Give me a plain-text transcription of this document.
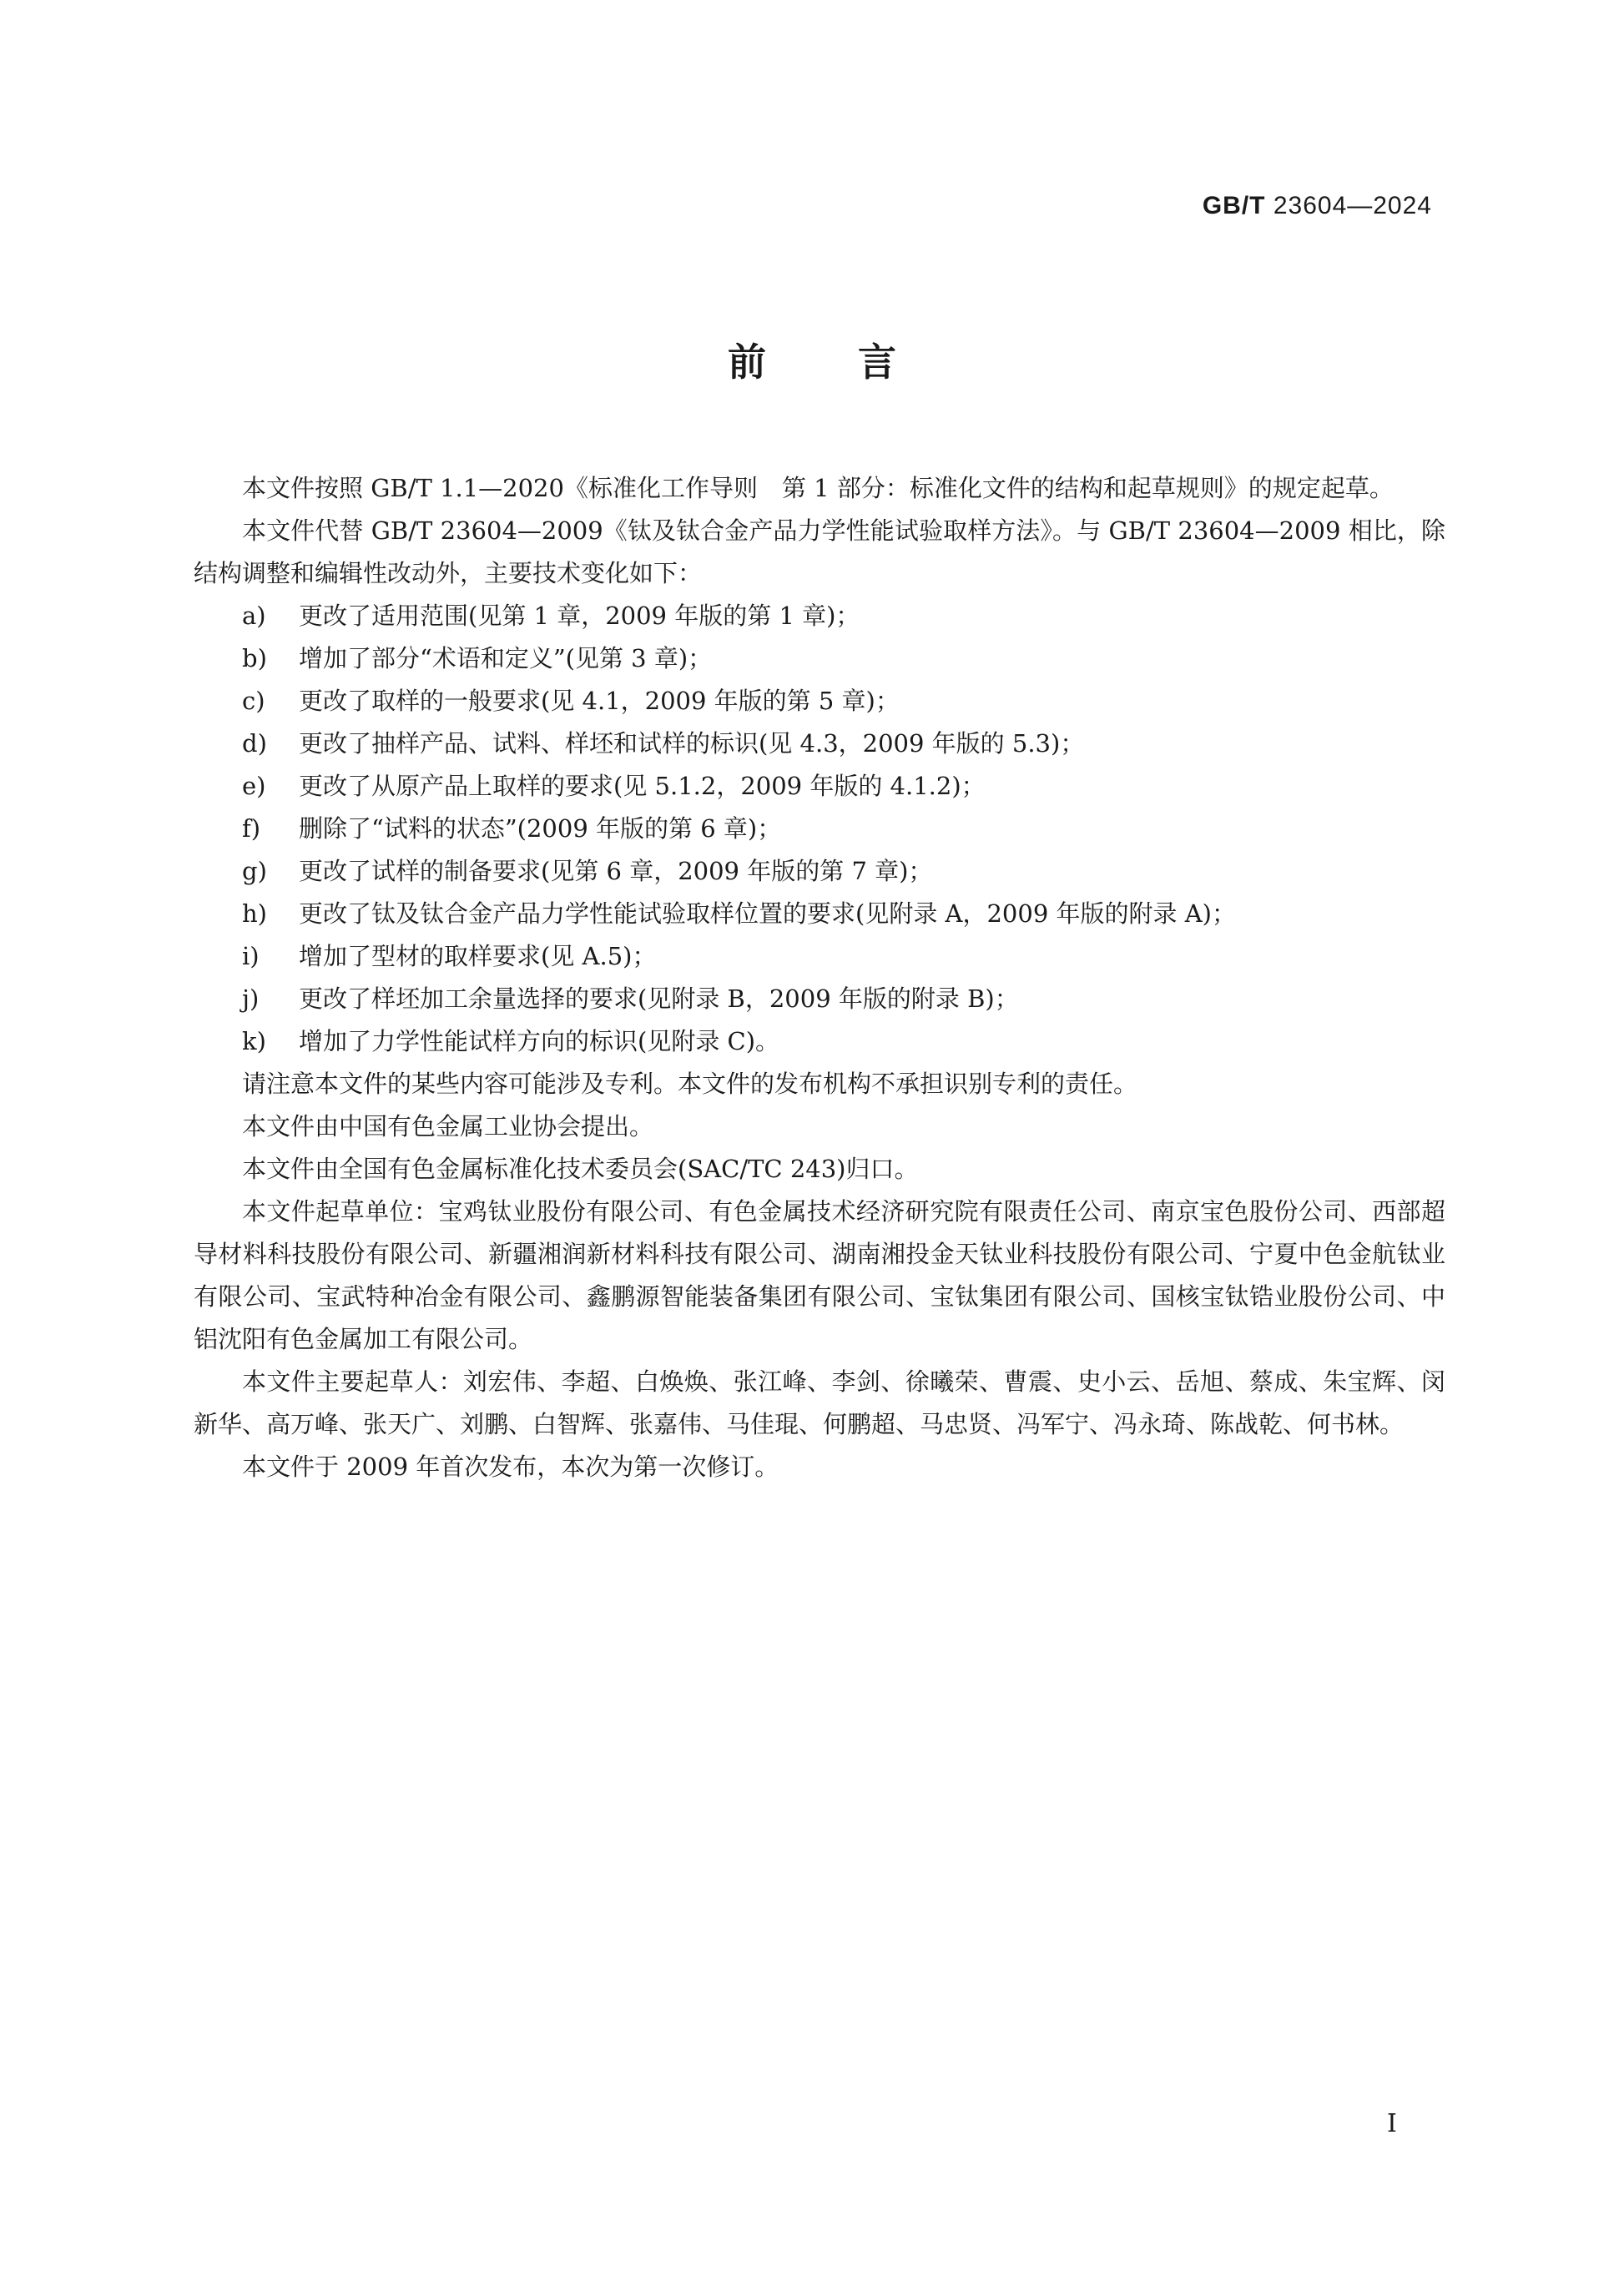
GB/T 23604—2024
前言

本文件按照 GB/T 1.1—2020《标准化工作导则　第 1 部分：标准化文件的结构和起草规则》的规定起草。

本文件代替 GB/T 23604—2009《钛及钛合金产品力学性能试验取样方法》。与 GB/T 23604—2009 相比，除结构调整和编辑性改动外，主要技术变化如下：

a) 更改了适用范围(见第 1 章，2009 年版的第 1 章)；

b) 增加了部分“术语和定义”(见第 3 章)；

c) 更改了取样的一般要求(见 4.1，2009 年版的第 5 章)；

d) 更改了抽样产品、试料、样坯和试样的标识(见 4.3，2009 年版的 5.3)；

e) 更改了从原产品上取样的要求(见 5.1.2，2009 年版的 4.1.2)；

f) 删除了“试料的状态”(2009 年版的第 6 章)；

g) 更改了试样的制备要求(见第 6 章，2009 年版的第 7 章)；

h) 更改了钛及钛合金产品力学性能试验取样位置的要求(见附录 A，2009 年版的附录 A)；

i) 增加了型材的取样要求(见 A.5)；

j) 更改了样坯加工余量选择的要求(见附录 B，2009 年版的附录 B)；

k) 增加了力学性能试样方向的标识(见附录 C)。

请注意本文件的某些内容可能涉及专利。本文件的发布机构不承担识别专利的责任。

本文件由中国有色金属工业协会提出。

本文件由全国有色金属标准化技术委员会(SAC/TC 243)归口。

本文件起草单位：宝鸡钛业股份有限公司、有色金属技术经济研究院有限责任公司、南京宝色股份公司、西部超导材料科技股份有限公司、新疆湘润新材料科技有限公司、湖南湘投金天钛业科技股份有限公司、宁夏中色金航钛业有限公司、宝武特种冶金有限公司、鑫鹏源智能装备集团有限公司、宝钛集团有限公司、国核宝钛锆业股份公司、中铝沈阳有色金属加工有限公司。

本文件主要起草人：刘宏伟、李超、白焕焕、张江峰、李剑、徐曦荣、曹震、史小云、岳旭、蔡成、朱宝辉、闵新华、高万峰、张天广、刘鹏、白智辉、张嘉伟、马佳琨、何鹏超、马忠贤、冯军宁、冯永琦、陈战乾、何书林。

本文件于 2009 年首次发布，本次为第一次修订。

Ⅰ
